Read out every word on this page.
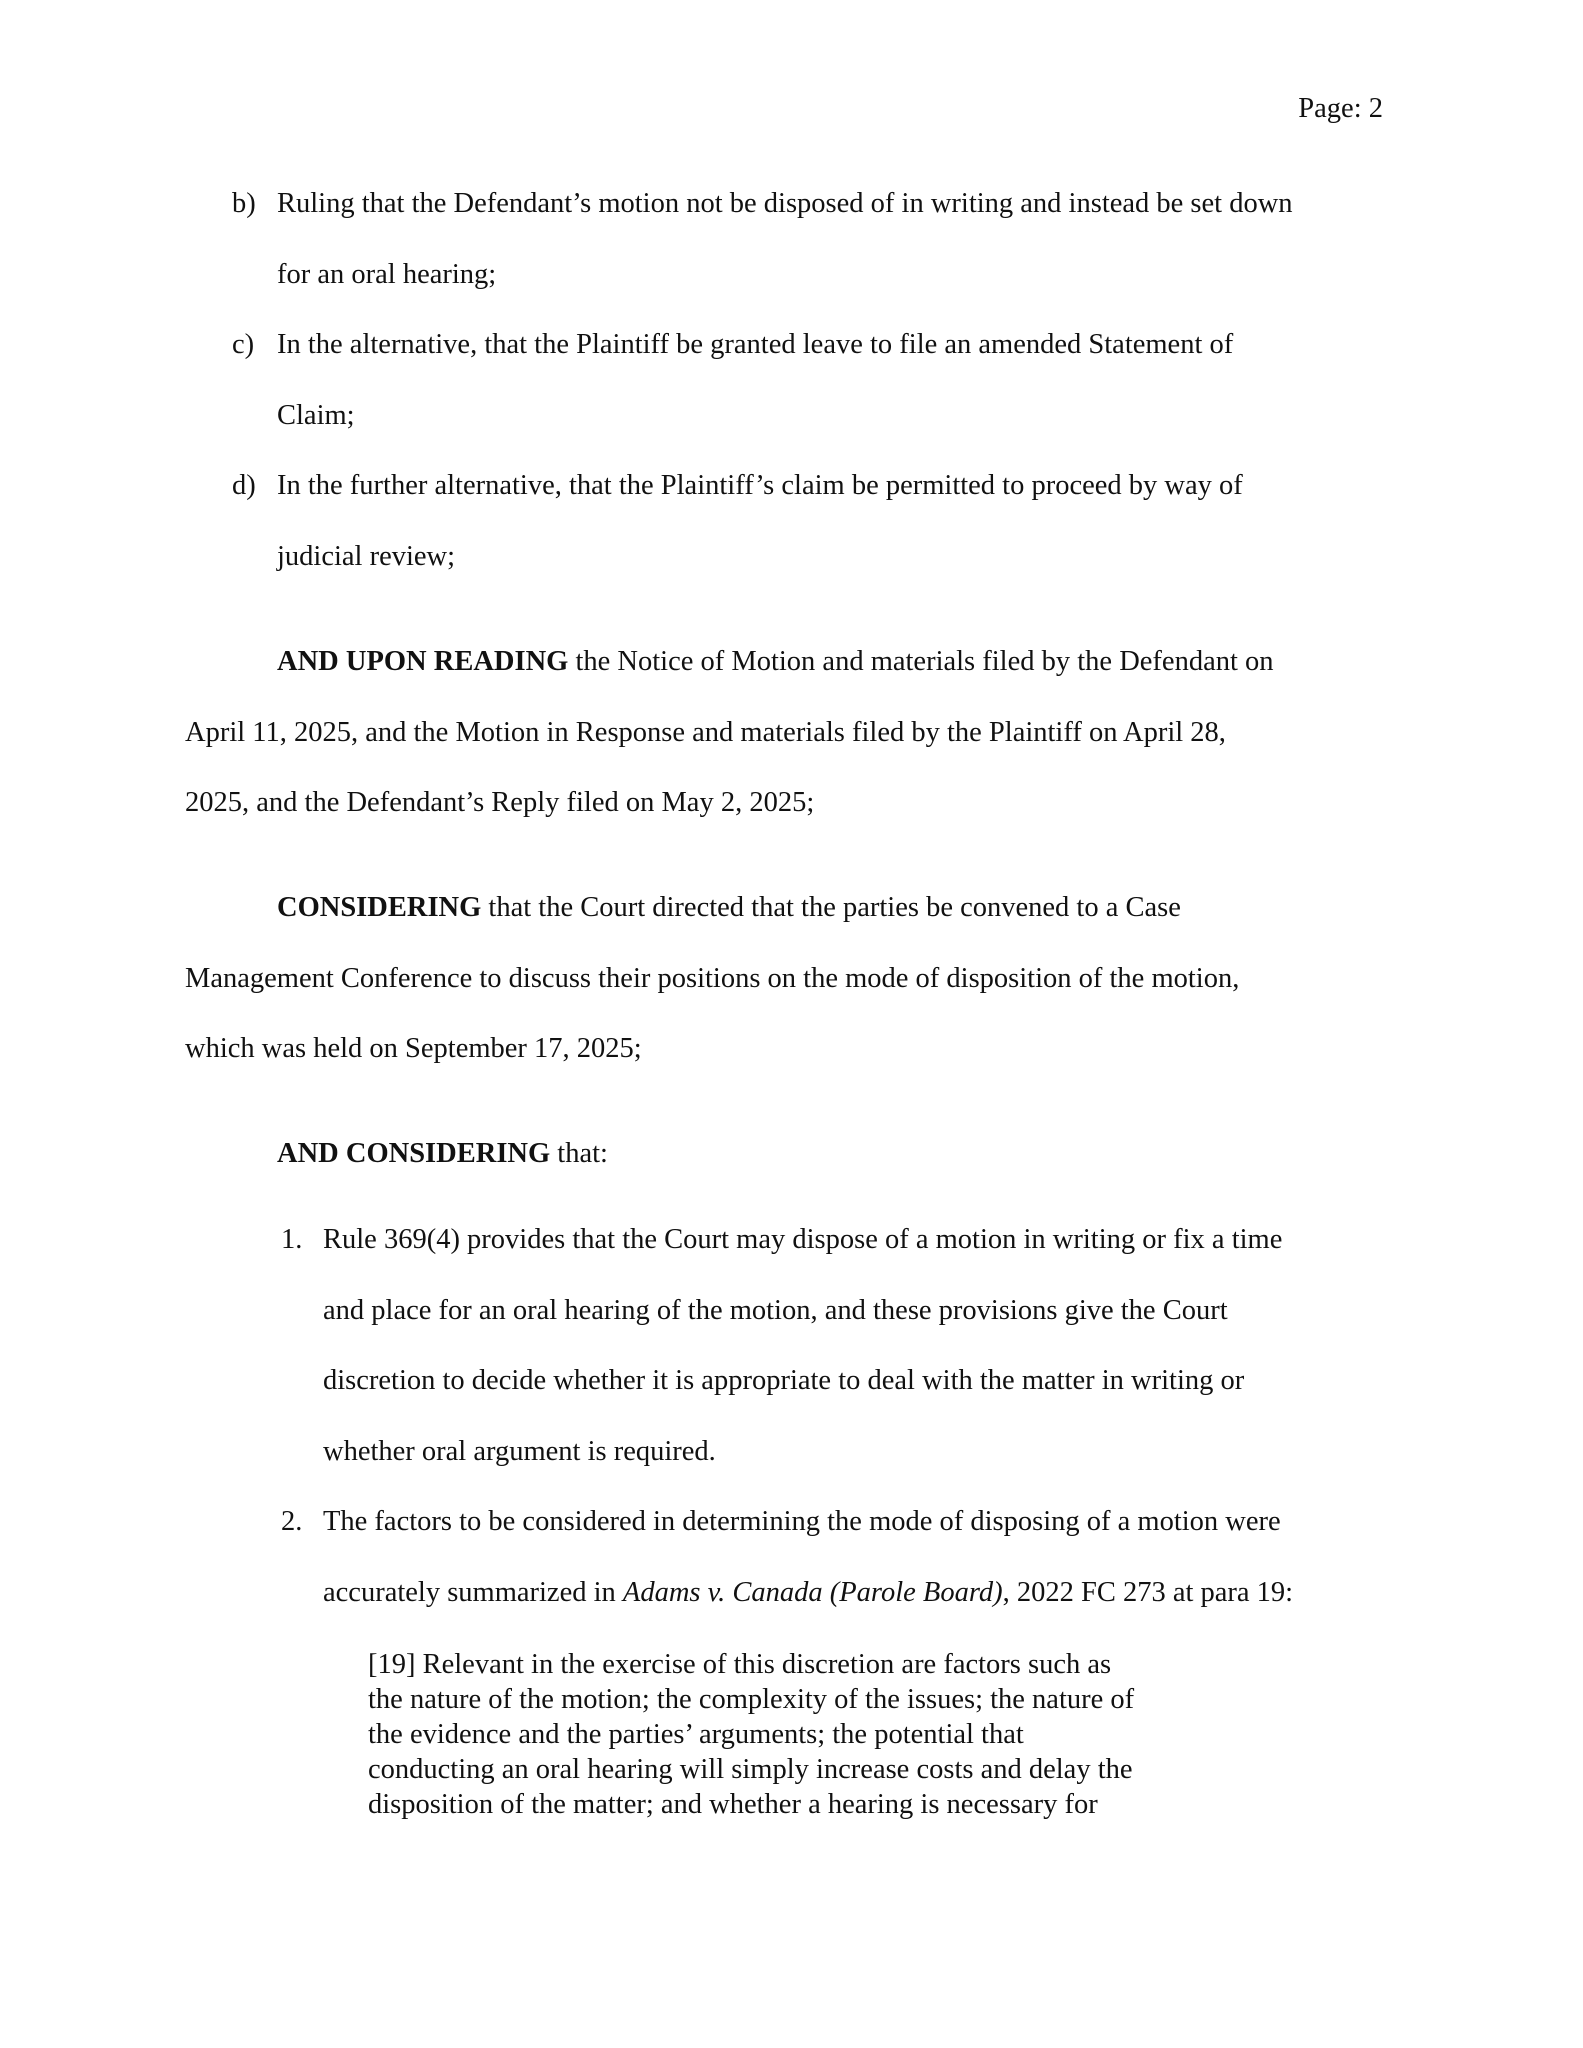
Page: 2
b) Ruling that the Defendant’s motion not be disposed of in writing and instead be set down
for an oral hearing;
c) In the alternative, that the Plaintiff be granted leave to file an amended Statement of
Claim;
d) In the further alternative, that the Plaintiff’s claim be permitted to proceed by way of
judicial review;
AND UPON READING the Notice of Motion and materials filed by the Defendant on
April 11, 2025, and the Motion in Response and materials filed by the Plaintiff on April 28,
2025, and the Defendant’s Reply filed on May 2, 2025;
CONSIDERING that the Court directed that the parties be convened to a Case
Management Conference to discuss their positions on the mode of disposition of the motion,
which was held on September 17, 2025;
AND CONSIDERING that:
1. Rule 369(4) provides that the Court may dispose of a motion in writing or fix a time
and place for an oral hearing of the motion, and these provisions give the Court
discretion to decide whether it is appropriate to deal with the matter in writing or
whether oral argument is required.
2. The factors to be considered in determining the mode of disposing of a motion were
accurately summarized in Adams v. Canada (Parole Board), 2022 FC 273 at para 19:
[19] Relevant in the exercise of this discretion are factors such as
the nature of the motion; the complexity of the issues; the nature of
the evidence and the parties’ arguments; the potential that
conducting an oral hearing will simply increase costs and delay the
disposition of the matter; and whether a hearing is necessary for
